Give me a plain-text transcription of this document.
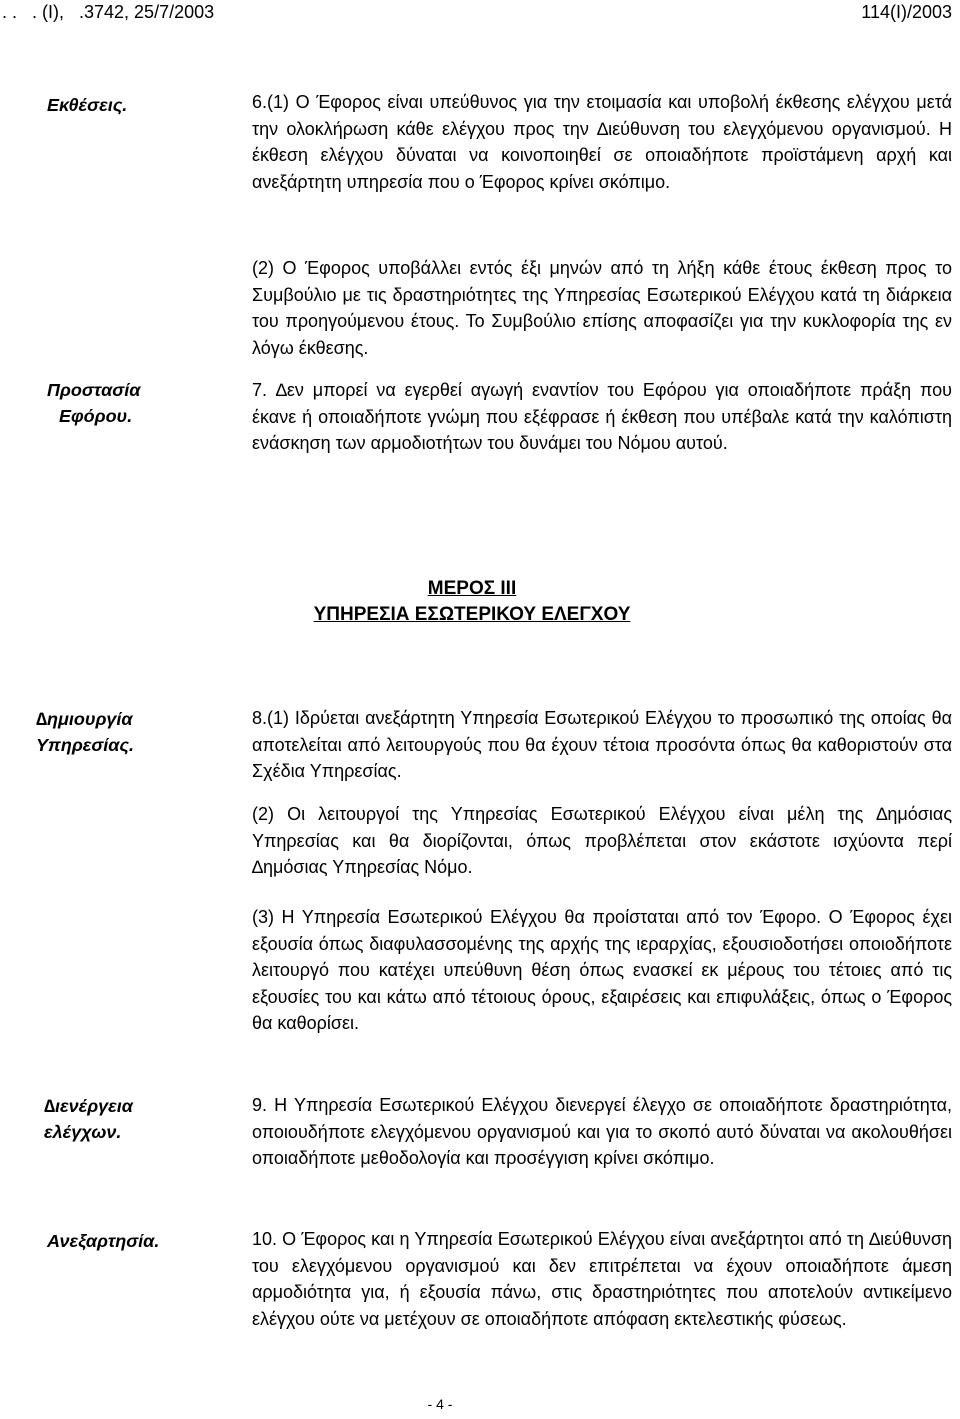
. .   . (Ι),   .3742, 25/7/2003	114(Ι)/2003
Εκθέσεις.	6.(1) Ο Έφορος είναι υπεύθυνος για την ετοιμασία και υποβολή έκθεσης ελέγχου μετά την ολοκλήρωση κάθε ελέγχου προς την ∆ιεύθυνση του ελεγχόμενου οργανισμού. Η έκθεση ελέγχου δύναται να κοινοποιηθεί σε οποιαδήποτε προϊστάμενη αρχή και ανεξάρτητη υπηρεσία που ο Έφορος κρίνει σκόπιμο.
(2) Ο Έφορος υποβάλλει εντός έξι μηνών από τη λήξη κάθε έτους έκθεση προς το Συμβούλιο με τις δραστηριότητες της Υπηρεσίας Εσωτερικού Ελέγχου κατά τη διάρκεια του προηγούμενου έτους. Το Συμβούλιο επίσης αποφασίζει για την κυκλοφορία της εν λόγω έκθεσης.
Προστασία
Εφόρου.
7. ∆εν μπορεί να εγερθεί αγωγή εναντίον του Εφόρου για οποιαδήποτε πράξη που έκανε ή οποιαδήποτε γνώμη που εξέφρασε ή έκθεση που υπέβαλε κατά την καλόπιστη ενάσκηση των αρμοδιοτήτων του δυνάμει του Νόμου αυτού.
ΜΕΡΟΣ ΙΙΙ
ΥΠΗΡΕΣΙΑ ΕΣΩΤΕΡΙΚΟΥ ΕΛΕΓΧΟΥ
∆ημιουργία
Υπηρεσίας.
8.(1) Ιδρύεται ανεξάρτητη Υπηρεσία Εσωτερικού Ελέγχου το προσωπικό της οποίας θα αποτελείται από λειτουργούς που θα έχουν τέτοια προσόντα όπως θα καθοριστούν στα Σχέδια Υπηρεσίας.
(2) Οι λειτουργοί της Υπηρεσίας Εσωτερικού Ελέγχου είναι μέλη της ∆ημόσιας Υπηρεσίας και θα διορίζονται, όπως προβλέπεται στον εκάστοτε ισχύοντα περί ∆ημόσιας Υπηρεσίας Νόμο.
(3) Η Υπηρεσία Εσωτερικού Ελέγχου θα προίσταται από τον Έφορο. Ο Έφορος έχει εξουσία όπως διαφυλασσομένης της αρχής της ιεραρχίας, εξουσιοδοτήσει οποιοδήποτε λειτουργό που κατέχει υπεύθυνη θέση όπως ενασκεί εκ μέρους του τέτοιες από τις εξουσίες του και κάτω από τέτοιους όρους, εξαιρέσεις και επιφυλάξεις, όπως ο Έφορος θα καθορίσει.
∆ιενέργεια
ελέγχων.
9. Η Υπηρεσία Εσωτερικού Ελέγχου διενεργεί έλεγχο σε οποιαδήποτε δραστηριότητα, οποιουδήποτε ελεγχόμενου οργανισμού και για το σκοπό αυτό δύναται να ακολουθήσει οποιαδήποτε μεθοδολογία και προσέγγιση κρίνει σκόπιμο.
Ανεξαρτησία.	10. Ο Έφορος και η Υπηρεσία Εσωτερικού Ελέγχου είναι ανεξάρτητοι από τη ∆ιεύθυνση του ελεγχόμενου οργανισμού και δεν επιτρέπεται να έχουν οποιαδήποτε άμεση αρμοδιότητα για, ή εξουσία πάνω, στις δραστηριότητες που αποτελούν αντικείμενο ελέγχου ούτε να μετέχουν σε οποιαδήποτε απόφαση εκτελεστικής φύσεως.
- 4 -
